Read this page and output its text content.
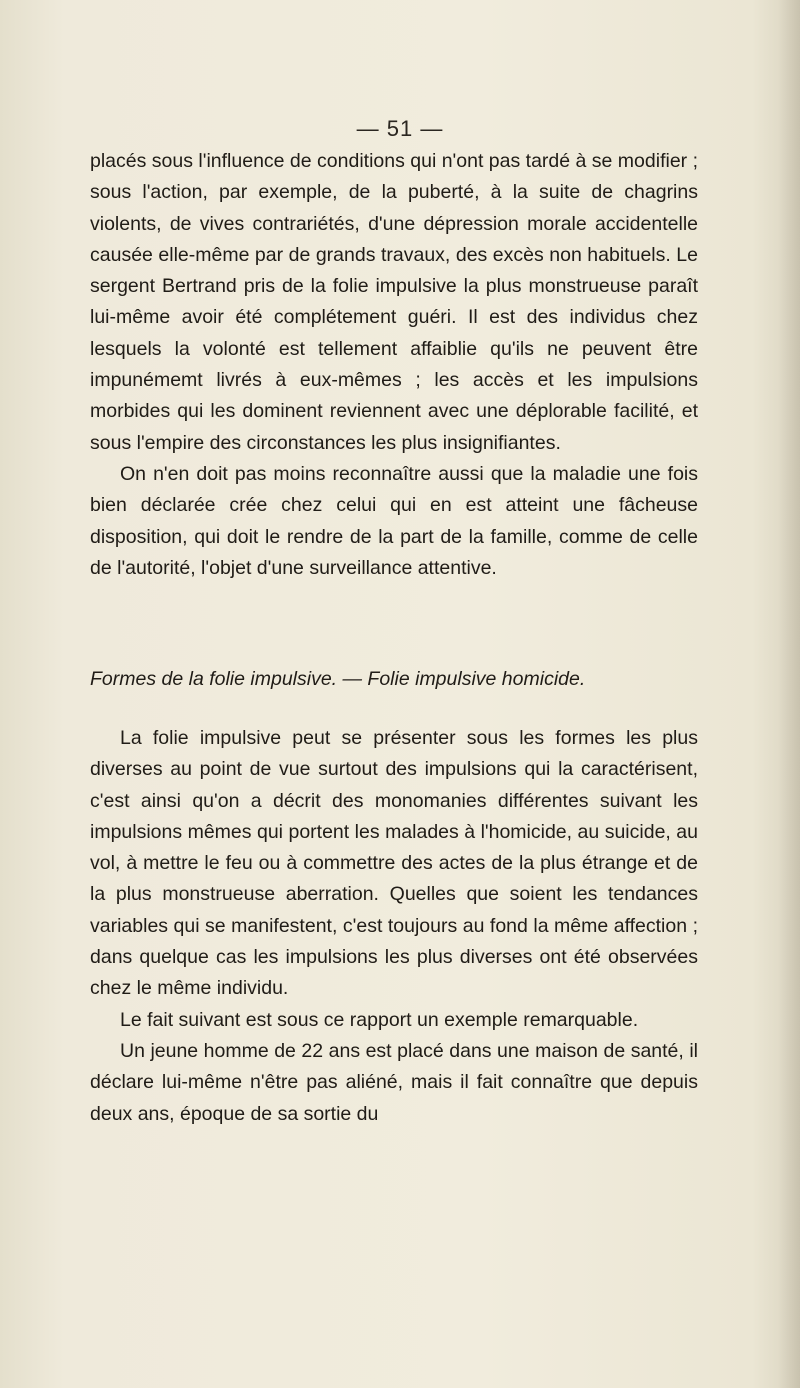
— 51 —

placés sous l'influence de conditions qui n'ont pas tardé à se modifier ; sous l'action, par exemple, de la puberté, à la suite de chagrins violents, de vives contrariétés, d'une dépression morale accidentelle causée elle-même par de grands travaux, des excès non habituels. Le sergent Bertrand pris de la folie impulsive la plus monstrueuse paraît lui-même avoir été complétement guéri. Il est des individus chez lesquels la volonté est tellement affaiblie qu'ils ne peuvent être impunémemt livrés à eux-mêmes ; les accès et les impulsions morbides qui les dominent reviennent avec une déplorable facilité, et sous l'empire des circonstances les plus insignifiantes.

On n'en doit pas moins reconnaître aussi que la maladie une fois bien déclarée crée chez celui qui en est atteint une fâcheuse disposition, qui doit le rendre de la part de la famille, comme de celle de l'autorité, l'objet d'une surveillance attentive.

Formes de la folie impulsive. — Folie impulsive homicide.

La folie impulsive peut se présenter sous les formes les plus diverses au point de vue surtout des impulsions qui la caractérisent, c'est ainsi qu'on a décrit des monomanies différentes suivant les impulsions mêmes qui portent les malades à l'homicide, au suicide, au vol, à mettre le feu ou à commettre des actes de la plus étrange et de la plus monstrueuse aberration. Quelles que soient les tendances variables qui se manifestent, c'est toujours au fond la même affection ; dans quelque cas les impulsions les plus diverses ont été observées chez le même individu.

Le fait suivant est sous ce rapport un exemple remarquable.

Un jeune homme de 22 ans est placé dans une maison de santé, il déclare lui-même n'être pas aliéné, mais il fait connaître que depuis deux ans, époque de sa sortie du
